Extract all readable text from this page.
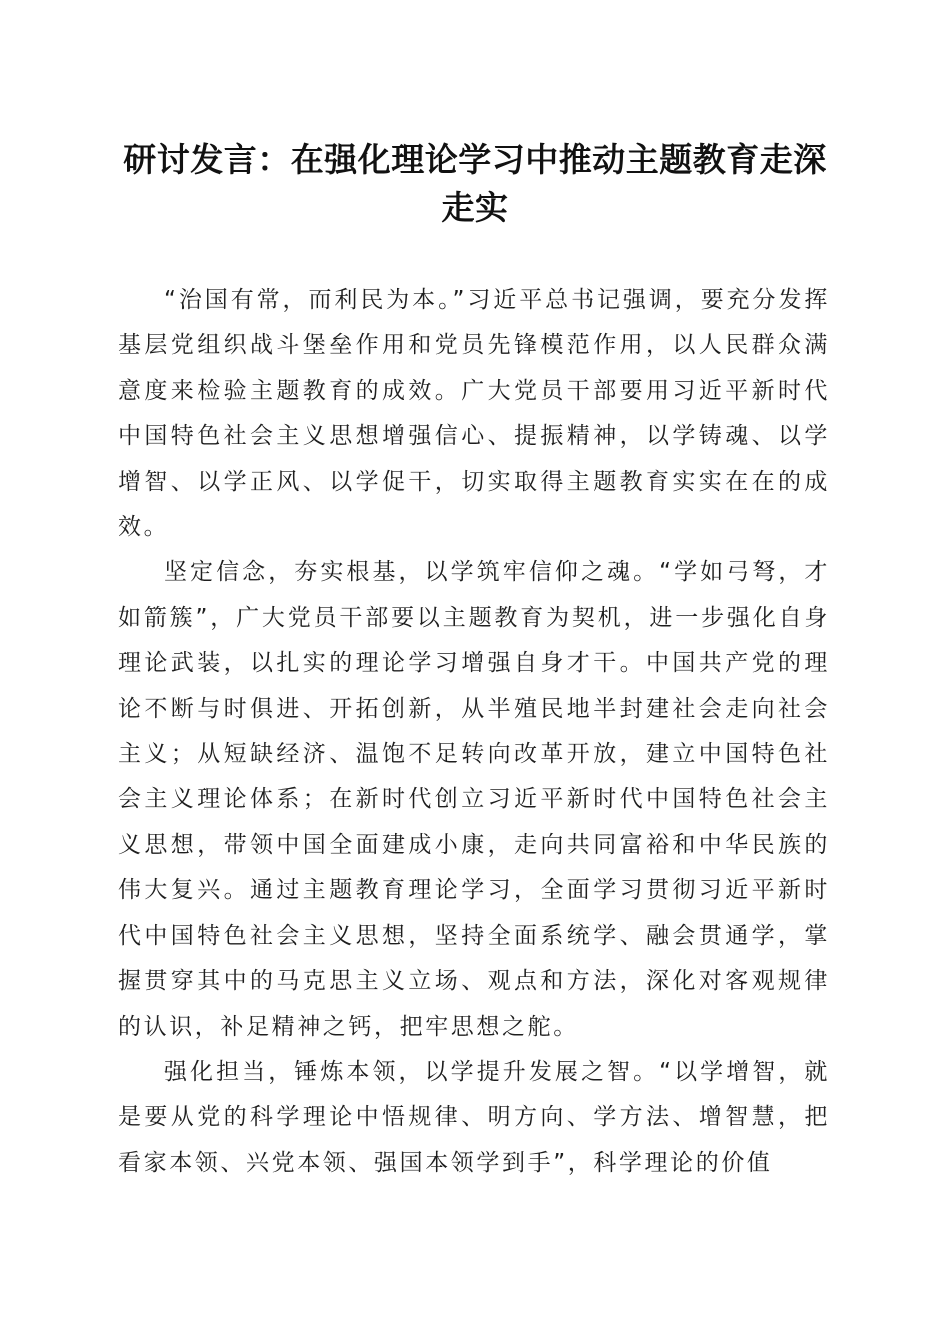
研讨发言：在强化理论学习中推动主题教育走深走实

“治国有常，而利民为本。”习近平总书记强调，要充分发挥基层党组织战斗堡垒作用和党员先锋模范作用，以人民群众满意度来检验主题教育的成效。广大党员干部要用习近平新时代中国特色社会主义思想增强信心、提振精神，以学铸魂、以学增智、以学正风、以学促干，切实取得主题教育实实在在的成效。

坚定信念，夯实根基，以学筑牢信仰之魂。“学如弓弩，才如箭簇”，广大党员干部要以主题教育为契机，进一步强化自身理论武装，以扎实的理论学习增强自身才干。中国共产党的理论不断与时俱进、开拓创新，从半殖民地半封建社会走向社会主义；从短缺经济、温饱不足转向改革开放，建立中国特色社会主义理论体系；在新时代创立习近平新时代中国特色社会主义思想，带领中国全面建成小康，走向共同富裕和中华民族的伟大复兴。通过主题教育理论学习，全面学习贯彻习近平新时代中国特色社会主义思想，坚持全面系统学、融会贯通学，掌握贯穿其中的马克思主义立场、观点和方法，深化对客观规律的认识，补足精神之钙，把牢思想之舵。

强化担当，锤炼本领，以学提升发展之智。“以学增智，就是要从党的科学理论中悟规律、明方向、学方法、增智慧，把看家本领、兴党本领、强国本领学到手”，科学理论的价值
